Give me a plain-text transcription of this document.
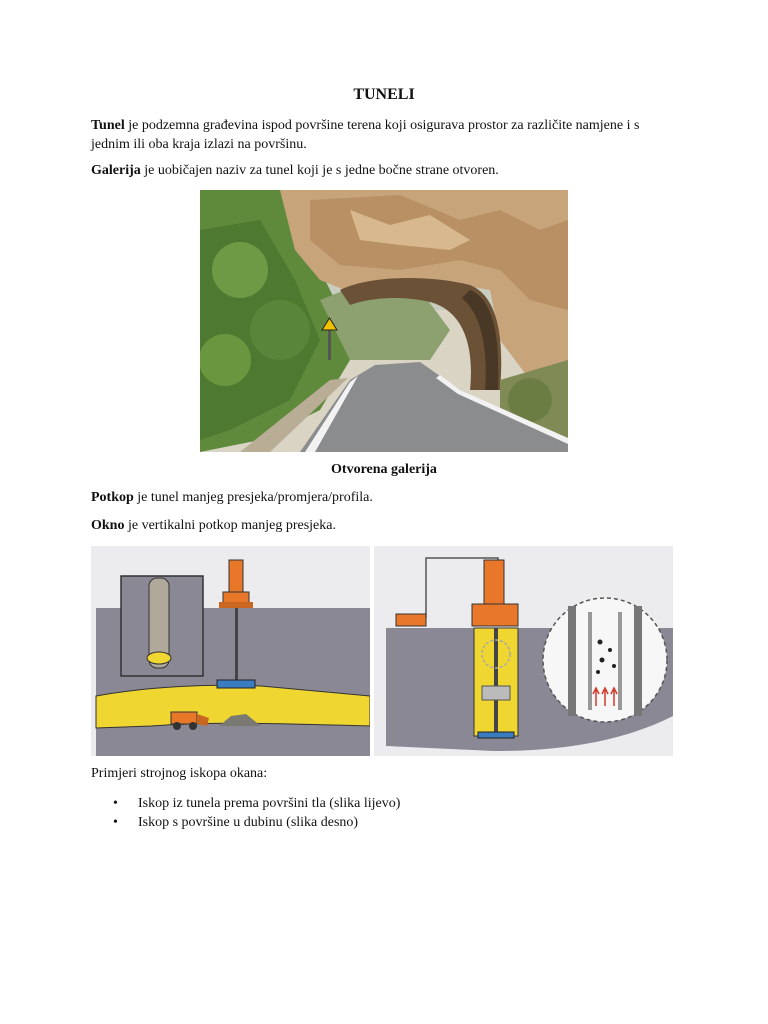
TUNELI
Tunel je podzemna građevina ispod površine terena koji osigurava prostor za različite namjene i s jednim ili oba kraja izlazi na površinu.
Galerija je uobičajen naziv za tunel koji je s jedne bočne strane otvoren.
Otvorena galerija
Potkop je tunel manjeg presjeka/promjera/profila.
Okno je vertikalni potkop manjeg presjeka.
Primjeri strojnog iskopa okana:
• Iskop iz tunela prema površini tla (slika lijevo)
• Iskop s površine u dubinu (slika desno)
